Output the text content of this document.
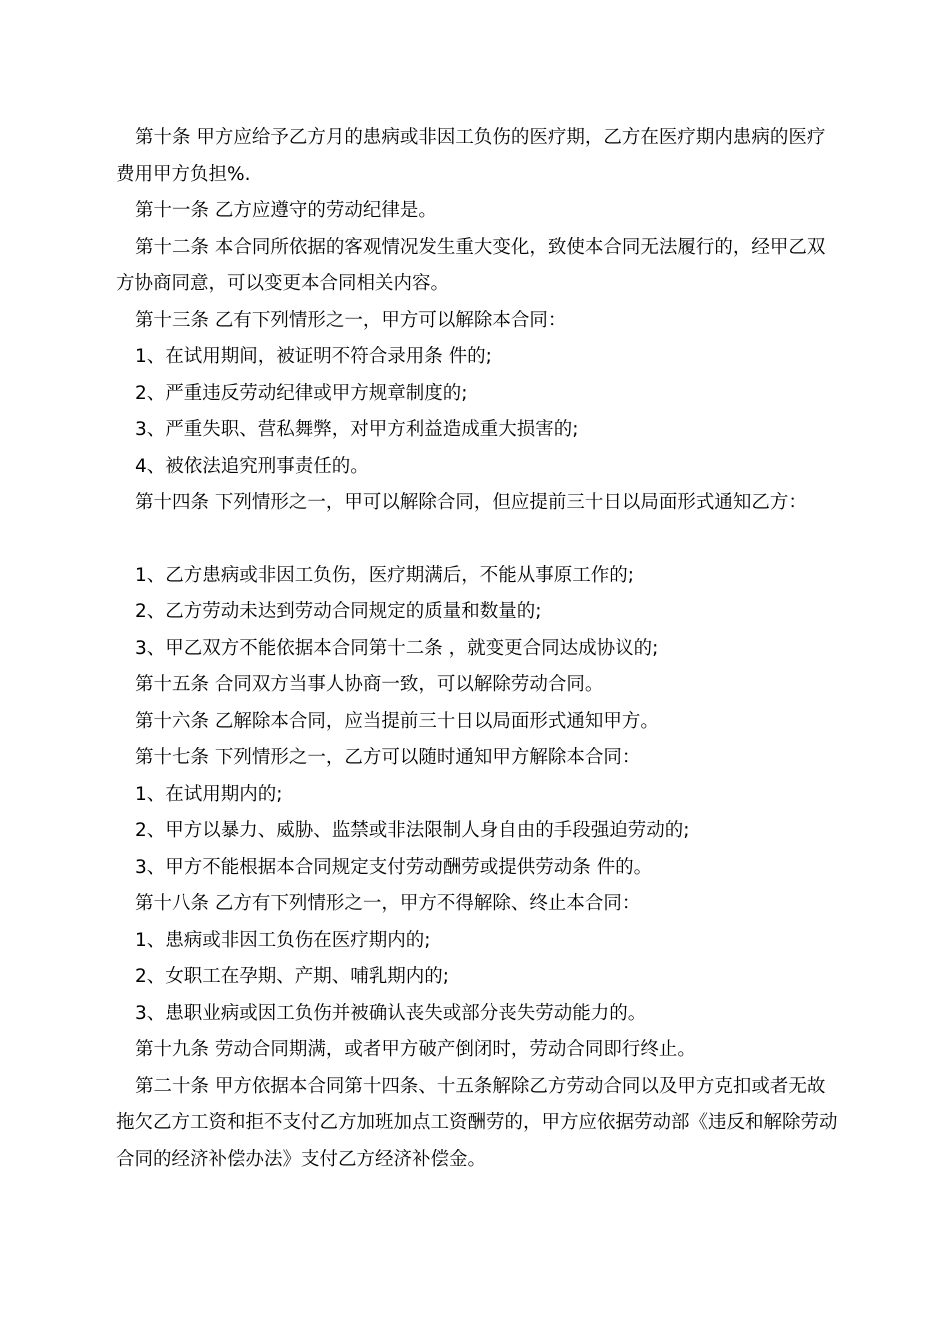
第十条 甲方应给予乙方月的患病或非因工负伤的医疗期，乙方在医疗期内患病的医疗费用甲方负担%.

第十一条 乙方应遵守的劳动纪律是。

第十二条 本合同所依据的客观情况发生重大变化，致使本合同无法履行的，经甲乙双方协商同意，可以变更本合同相关内容。

第十三条 乙有下列情形之一，甲方可以解除本合同：

1、在试用期间，被证明不符合录用条 件的;

2、严重违反劳动纪律或甲方规章制度的;

3、严重失职、营私舞弊，对甲方利益造成重大损害的;

4、被依法追究刑事责任的。

第十四条 下列情形之一，甲可以解除合同，但应提前三十日以局面形式通知乙方：

1、乙方患病或非因工负伤，医疗期满后，不能从事原工作的;

2、乙方劳动未达到劳动合同规定的质量和数量的;

3、甲乙双方不能依据本合同第十二条 ，就变更合同达成协议的;

第十五条 合同双方当事人协商一致，可以解除劳动合同。

第十六条 乙解除本合同，应当提前三十日以局面形式通知甲方。

第十七条 下列情形之一，乙方可以随时通知甲方解除本合同：

1、在试用期内的;

2、甲方以暴力、威胁、监禁或非法限制人身自由的手段强迫劳动的;

3、甲方不能根据本合同规定支付劳动酬劳或提供劳动条 件的。

第十八条 乙方有下列情形之一，甲方不得解除、终止本合同：

1、患病或非因工负伤在医疗期内的;

2、女职工在孕期、产期、哺乳期内的;

3、患职业病或因工负伤并被确认丧失或部分丧失劳动能力的。

第十九条 劳动合同期满，或者甲方破产倒闭时，劳动合同即行终止。

第二十条 甲方依据本合同第十四条、十五条解除乙方劳动合同以及甲方克扣或者无故拖欠乙方工资和拒不支付乙方加班加点工资酬劳的，甲方应依据劳动部《违反和解除劳动合同的经济补偿办法》支付乙方经济补偿金。
